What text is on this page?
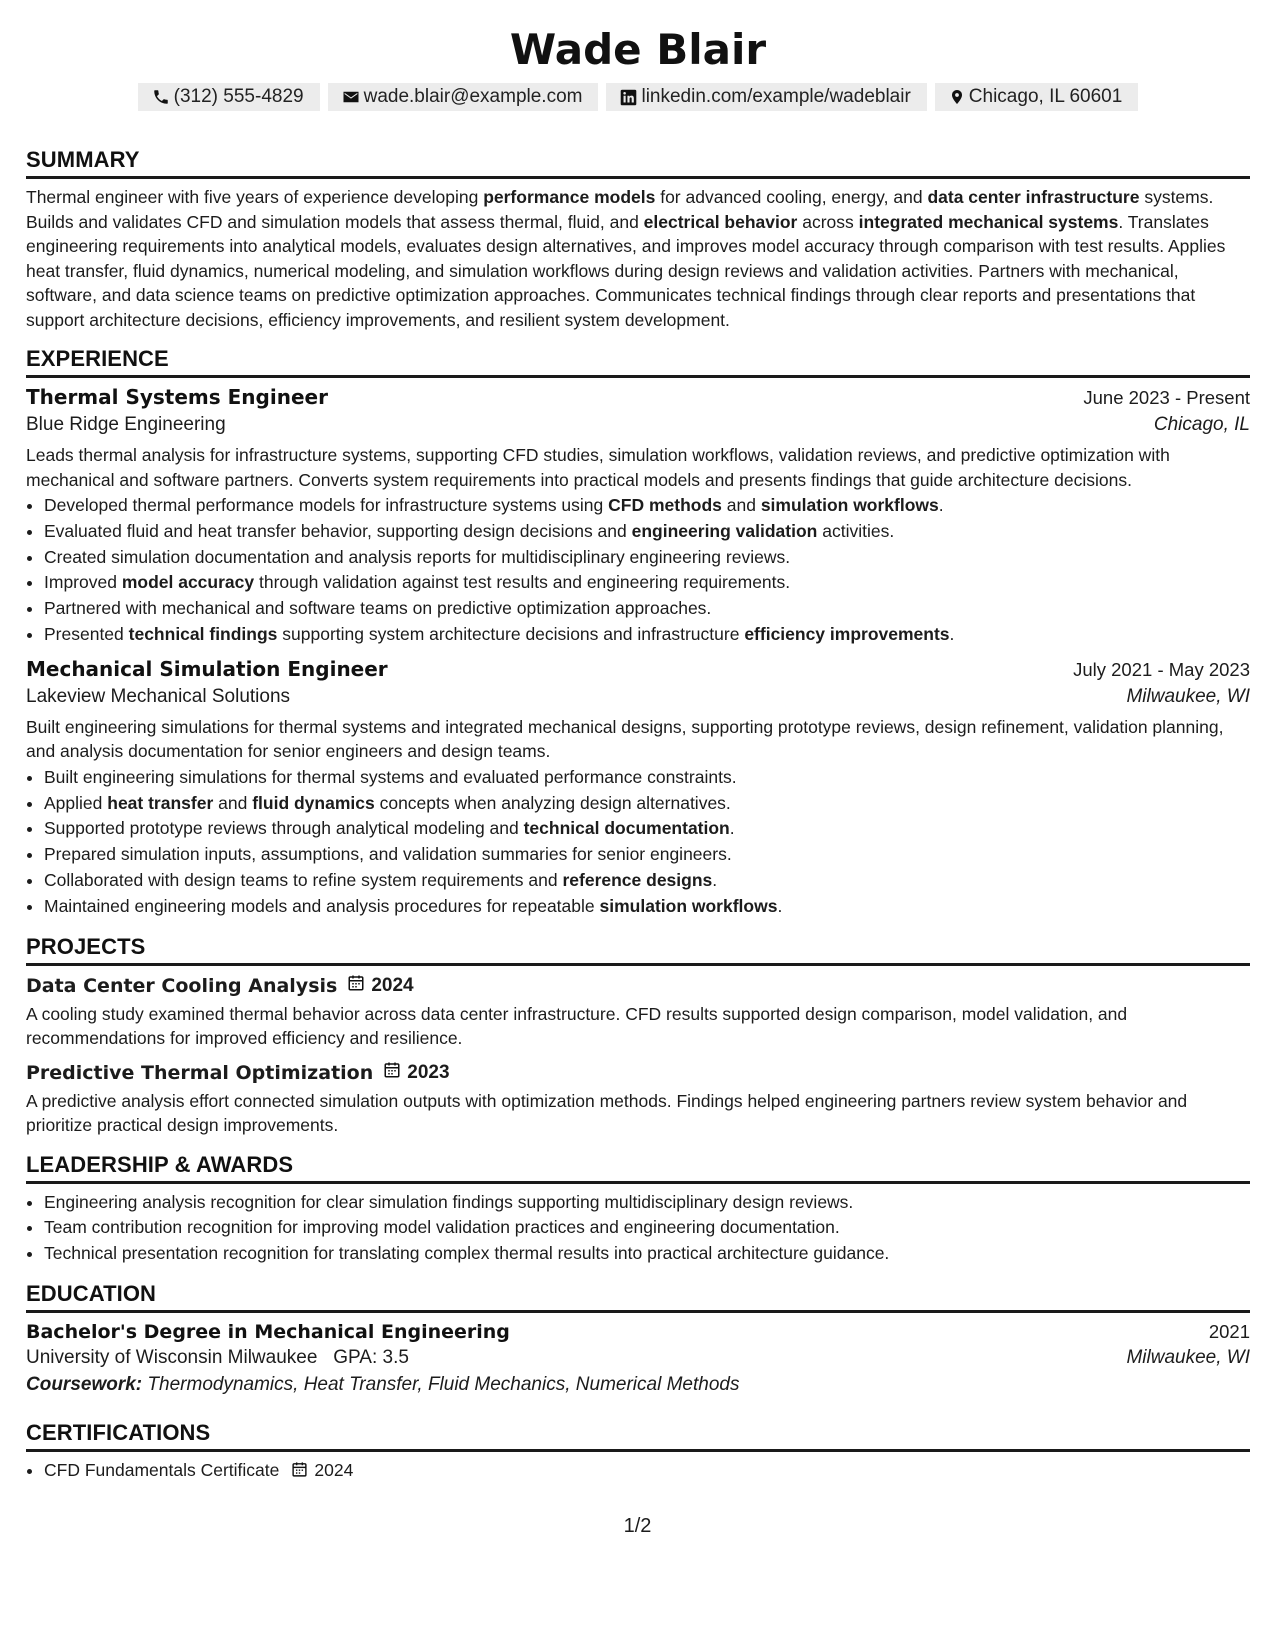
Wade Blair
(312) 555-4829	wade.blair@example.com	linkedin.com/example/wadeblair	Chicago, IL 60601
SUMMARY
Thermal engineer with five years of experience developing performance models for advanced cooling, energy, and data center infrastructure systems. Builds and validates CFD and simulation models that assess thermal, fluid, and electrical behavior across integrated mechanical systems. Translates engineering requirements into analytical models, evaluates design alternatives, and improves model accuracy through comparison with test results. Applies heat transfer, fluid dynamics, numerical modeling, and simulation workflows during design reviews and validation activities. Partners with mechanical, software, and data science teams on predictive optimization approaches. Communicates technical findings through clear reports and presentations that support architecture decisions, efficiency improvements, and resilient system development.
EXPERIENCE
Thermal Systems Engineer	June 2023 - Present
Blue Ridge Engineering	Chicago, IL
Leads thermal analysis for infrastructure systems, supporting CFD studies, simulation workflows, validation reviews, and predictive optimization with mechanical and software partners. Converts system requirements into practical models and presents findings that guide architecture decisions.
• Developed thermal performance models for infrastructure systems using CFD methods and simulation workflows.
• Evaluated fluid and heat transfer behavior, supporting design decisions and engineering validation activities.
• Created simulation documentation and analysis reports for multidisciplinary engineering reviews.
• Improved model accuracy through validation against test results and engineering requirements.
• Partnered with mechanical and software teams on predictive optimization approaches.
• Presented technical findings supporting system architecture decisions and infrastructure efficiency improvements.
Mechanical Simulation Engineer	July 2021 - May 2023
Lakeview Mechanical Solutions	Milwaukee, WI
Built engineering simulations for thermal systems and integrated mechanical designs, supporting prototype reviews, design refinement, validation planning, and analysis documentation for senior engineers and design teams.
• Built engineering simulations for thermal systems and evaluated performance constraints.
• Applied heat transfer and fluid dynamics concepts when analyzing design alternatives.
• Supported prototype reviews through analytical modeling and technical documentation.
• Prepared simulation inputs, assumptions, and validation summaries for senior engineers.
• Collaborated with design teams to refine system requirements and reference designs.
• Maintained engineering models and analysis procedures for repeatable simulation workflows.
PROJECTS
Data Center Cooling Analysis 2024
A cooling study examined thermal behavior across data center infrastructure. CFD results supported design comparison, model validation, and recommendations for improved efficiency and resilience.
Predictive Thermal Optimization 2023
A predictive analysis effort connected simulation outputs with optimization methods. Findings helped engineering partners review system behavior and prioritize practical design improvements.
LEADERSHIP & AWARDS
• Engineering analysis recognition for clear simulation findings supporting multidisciplinary design reviews.
• Team contribution recognition for improving model validation practices and engineering documentation.
• Technical presentation recognition for translating complex thermal results into practical architecture guidance.
EDUCATION
Bachelor's Degree in Mechanical Engineering	2021
University of Wisconsin Milwaukee GPA: 3.5	Milwaukee, WI
Coursework: Thermodynamics, Heat Transfer, Fluid Mechanics, Numerical Methods
CERTIFICATIONS
• CFD Fundamentals Certificate 2024
1/2
